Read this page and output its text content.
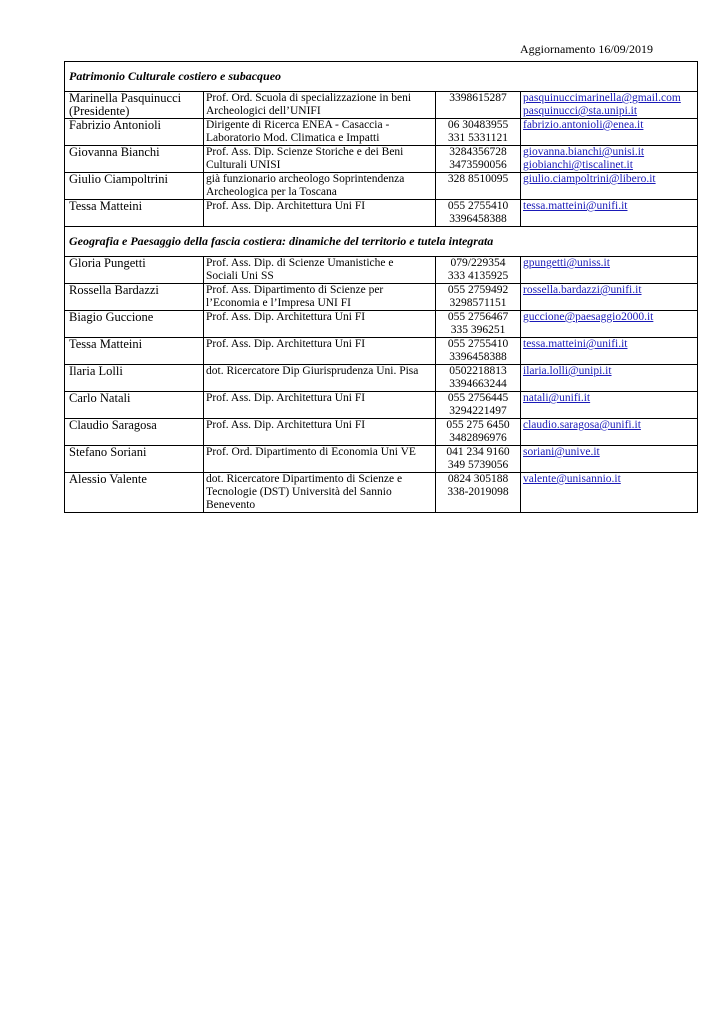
Aggiornamento 16/09/2019
Patrimonio Culturale costiero e subacqueo			

Marinella Pasquinucci
(Presidente)	Prof. Ord. Scuola di specializzazione in beni
Archeologici dell’UNIFI	3398615287	pasquinuccimarinella@gmail.com
pasquinucci@sta.unipi.it

Fabrizio Antonioli	Dirigente di Ricerca ENEA - Casaccia -
Laboratorio Mod. Climatica e Impatti	06 30483955
331 5331121	fabrizio.antonioli@enea.it

Giovanna Bianchi	Prof. Ass. Dip. Scienze Storiche e dei Beni
Culturali UNISI	3284356728
3473590056	giovanna.bianchi@unisi.it
giobianchi@tiscalinet.it

Giulio Ciampoltrini	già funzionario archeologo Soprintendenza
Archeologica per la Toscana	328 8510095	giulio.ciampoltrini@libero.it

Tessa Matteini	Prof. Ass. Dip. Architettura Uni FI	055 2755410
3396458388	tessa.matteini@unifi.it

Geografia e Paesaggio della fascia costiera: dinamiche del territorio e tutela integrata			

Gloria Pungetti	Prof. Ass. Dip. di Scienze Umanistiche e
Sociali Uni SS	079/229354
333 4135925	gpungetti@uniss.it

Rossella Bardazzi	Prof. Ass. Dipartimento di Scienze per
l’Economia e l’Impresa UNI FI	055 2759492
3298571151	rossella.bardazzi@unifi.it

Biagio Guccione	Prof. Ass. Dip. Architettura Uni FI	055 2756467
335 396251	guccione@paesaggio2000.it

Tessa Matteini	Prof. Ass. Dip. Architettura Uni FI	055 2755410
3396458388	tessa.matteini@unifi.it

Ilaria Lolli	dot. Ricercatore Dip Giurisprudenza Uni. Pisa	0502218813
3394663244	ilaria.lolli@unipi.it

Carlo Natali	Prof. Ass. Dip. Architettura Uni FI	055 2756445
3294221497	natali@unifi.it

Claudio Saragosa	Prof. Ass. Dip. Architettura Uni FI	055 275 6450
3482896976	claudio.saragosa@unifi.it

Stefano Soriani	Prof. Ord. Dipartimento di Economia Uni VE	041 234 9160
349 5739056	soriani@unive.it

Alessio Valente	dot. Ricercatore Dipartimento di Scienze e
Tecnologie (DST) Università del Sannio
Benevento	0824 305188
338-2019098	valente@unisannio.it
